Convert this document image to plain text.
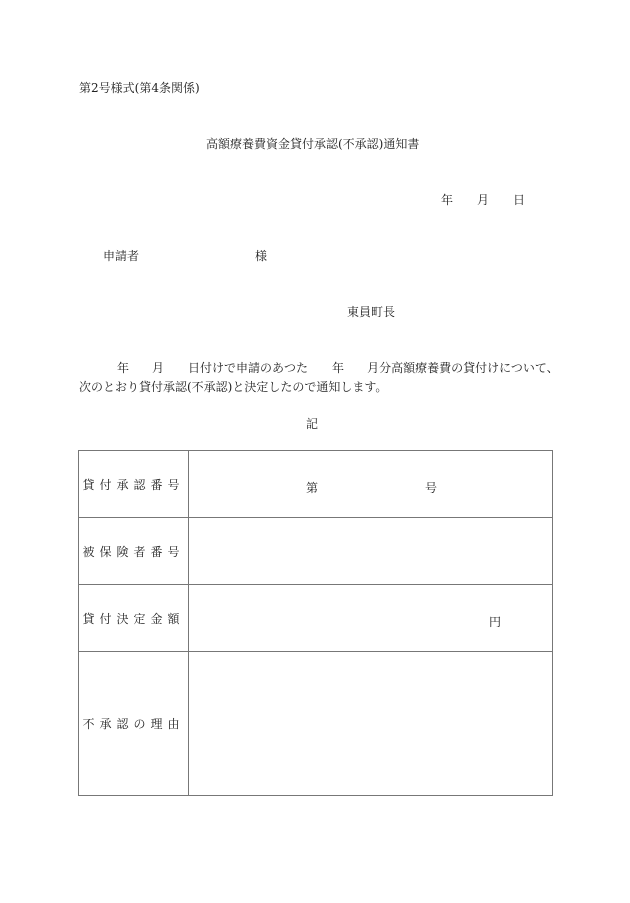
第2号様式(第4条関係)
高額療養費資金貸付承認(不承認)通知書
年 月 日
申請者	様
東員町長
年 月 日付けで申請のあつた 年 月分高額療養費の貸付けについて、
次のとおり貸付承認(不承認)と決定したので通知します。
記
貸付承認番号	第 号

被保険者番号	
貸付決定金額	円

不承認の理由	
